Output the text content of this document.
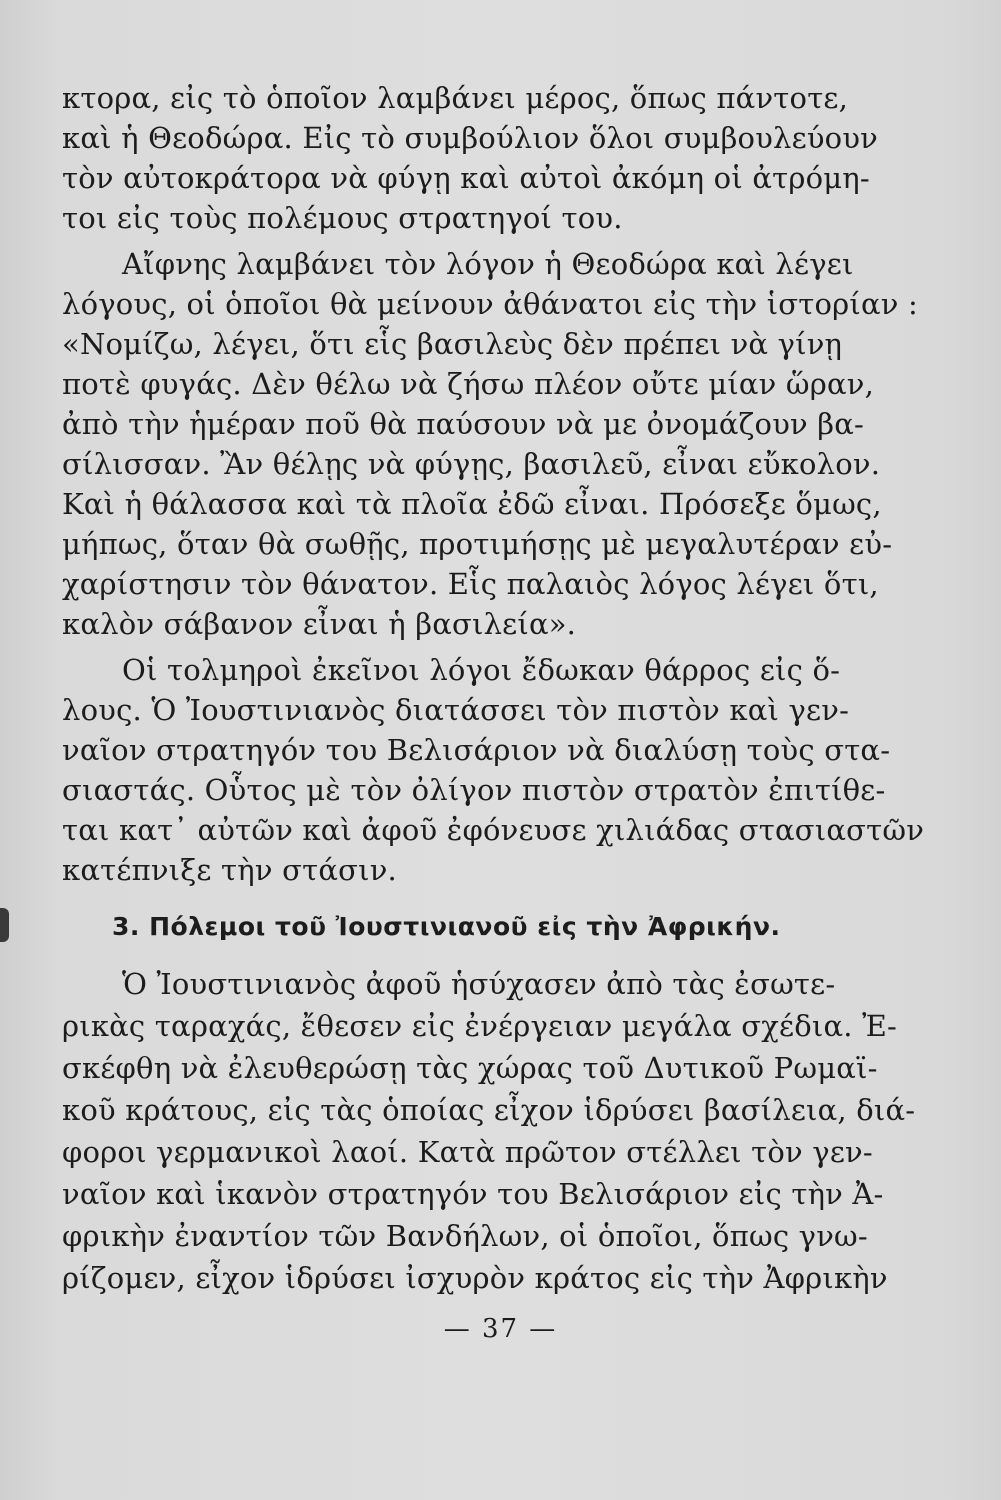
κτορα, εἰς τὸ ὁποῖον λαμβάνει μέρος, ὅπως πάντοτε,
καὶ ἡ Θεοδώρα. Εἰς τὸ συμβούλιον ὅλοι συμβουλεύουν
τὸν αὐτοκράτορα νὰ φύγῃ καὶ αὐτοὶ ἀκόμη οἱ ἀτρόμη-
τοι εἰς τοὺς πολέμους στρατηγοί του.
Αἴφνης λαμβάνει τὸν λόγον ἡ Θεοδώρα καὶ λέγει
λόγους, οἱ ὁποῖοι θὰ μείνουν ἀθάνατοι εἰς τὴν ἱστορίαν :
«Νομίζω, λέγει, ὅτι εἷς βασιλεὺς δὲν πρέπει νὰ γίνῃ
ποτὲ φυγάς. Δὲν θέλω νὰ ζήσω πλέον οὔτε μίαν ὥραν,
ἀπὸ τὴν ἡμέραν ποῦ θὰ παύσουν νὰ με ὀνομάζουν βα-
σίλισσαν. Ἂν θέλῃς νὰ φύγῃς, βασιλεῦ, εἶναι εὔκολον.
Καὶ ἡ θάλασσα καὶ τὰ πλοῖα ἐδῶ εἶναι. Πρόσεξε ὅμως,
μήπως, ὅταν θὰ σωθῇς, προτιμήσῃς μὲ μεγαλυτέραν εὐ-
χαρίστησιν τὸν θάνατον. Εἷς παλαιὸς λόγος λέγει ὅτι,
καλὸν σάβανον εἶναι ἡ βασιλεία».
Οἱ τολμηροὶ ἐκεῖνοι λόγοι ἔδωκαν θάρρος εἰς ὅ-
λους. Ὁ Ἰουστινιανὸς διατάσσει τὸν πιστὸν καὶ γεν-
ναῖον στρατηγόν του Βελισάριον νὰ διαλύσῃ τοὺς στα-
σιαστάς. Οὗτος μὲ τὸν ὀλίγον πιστὸν στρατὸν ἐπιτίθε-
ται κατ᾿ αὐτῶν καὶ ἀφοῦ ἐφόνευσε χιλιάδας στασιαστῶν
κατέπνιξε τὴν στάσιν.
Ὁ Ἰουστινιανὸς ἀφοῦ ἡσύχασεν ἀπὸ τὰς ἐσωτε-
ρικὰς ταραχάς, ἔθεσεν εἰς ἐνέργειαν μεγάλα σχέδια. Ἐ-
σκέφθη νὰ ἐλευθερώσῃ τὰς χώρας τοῦ Δυτικοῦ Ρωμαϊ-
κοῦ κράτους, εἰς τὰς ὁποίας εἶχον ἱδρύσει βασίλεια, διά-
φοροι γερμανικοὶ λαοί. Κατὰ πρῶτον στέλλει τὸν γεν-
ναῖον καὶ ἱκανὸν στρατηγόν του Βελισάριον εἰς τὴν Ἀ-
φρικὴν ἐναντίον τῶν Βανδήλων, οἱ ὁποῖοι, ὅπως γνω-
ρίζομεν, εἶχον ἱδρύσει ἰσχυρὸν κράτος εἰς τὴν Ἀφρικὴν
3. Πόλεμοι τοῦ Ἰουστινιανοῦ εἰς τὴν Ἀφρικήν.
— 37 —
